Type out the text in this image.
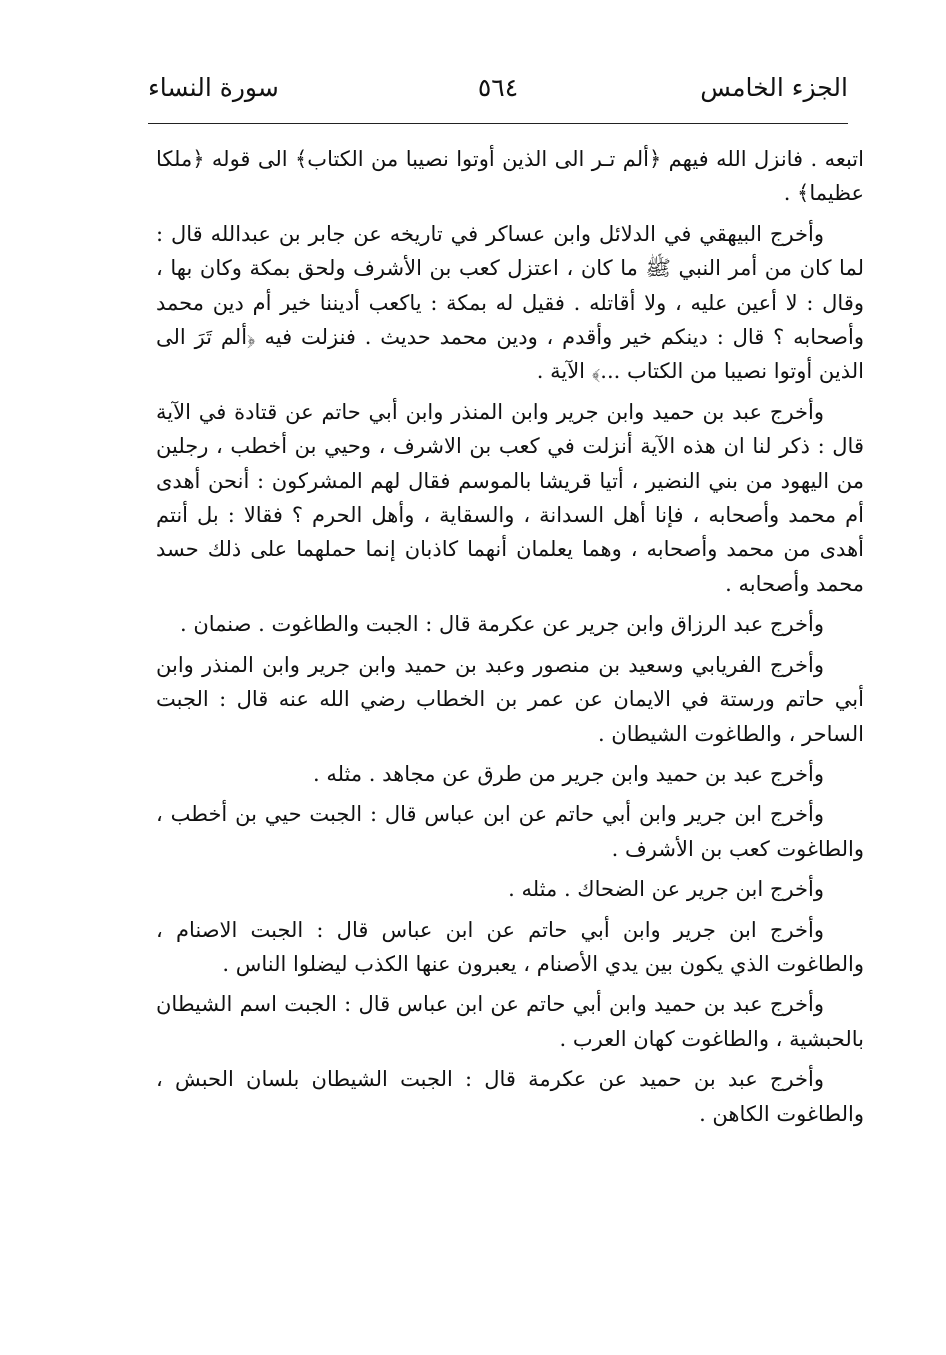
الجزء الخامس
٥٦٤
سورة النساء

اتبعه . فانزل الله فيهم ﴿ألم تـر الى الذين أوتوا نصيبا من الكتاب﴾ الى قوله ﴿ملكا عظيما﴾ .

وأخرج البيهقي في الدلائل وابن عساكر في تاريخه عن جابر بن عبدالله قال : لما كان من أمر النبي ﷺ ما كان ، اعتزل كعب بن الأشرف ولحق بمكة وكان بها ، وقال : لا أعين عليه ، ولا أقاتله . فقيل له بمكة : ياكعب أديننا خير أم دين محمد وأصحابه ؟ قال : دينكم خير وأقدم ، ودين محمد حديث . فنزلت فيه ﴿ألم تَرَ الى الذين أوتوا نصيبا من الكتاب ...﴾ الآية .

وأخرج عبد بن حميد وابن جرير وابن المنذر وابن أبي حاتم عن قتادة في الآية قال : ذكر لنا ان هذه الآية أنزلت في كعب بن الاشرف ، وحيي بن أخطب ، رجلين من اليهود من بني النضير ، أتيا قريشا بالموسم فقال لهم المشركون : أنحن أهدى أم محمد وأصحابه ، فإنا أهل السدانة ، والسقاية ، وأهل الحرم ؟ فقالا : بل أنتم أهدى من محمد وأصحابه ، وهما يعلمان أنهما كاذبان إنما حملهما على ذلك حسد محمد وأصحابه .

وأخرج عبد الرزاق وابن جرير عن عكرمة قال : الجبت والطاغوت . صنمان .

وأخرج الفريابي وسعيد بن منصور وعبد بن حميد وابن جرير وابن المنذر وابن أبي حاتم ورستة في الايمان عن عمر بن الخطاب رضي الله عنه قال : الجبت الساحر ، والطاغوت الشيطان .

وأخرج عبد بن حميد وابن جرير من طرق عن مجاهد . مثله .

وأخرج ابن جرير وابن أبي حاتم عن ابن عباس قال : الجبت حيي بن أخطب ، والطاغوت كعب بن الأشرف .

وأخرج ابن جرير عن الضحاك . مثله .

وأخرج ابن جرير وابن أبي حاتم عن ابن عباس قال : الجبت الاصنام ، والطاغوت الذي يكون بين يدي الأصنام ، يعبرون عنها الكذب ليضلوا الناس .

وأخرج عبد بن حميد وابن أبي حاتم عن ابن عباس قال : الجبت اسم الشيطان بالحبشية ، والطاغوت كهان العرب .

وأخرج عبد بن حميد عن عكرمة قال : الجبت الشيطان بلسان الحبش ، والطاغوت الكاهن .
